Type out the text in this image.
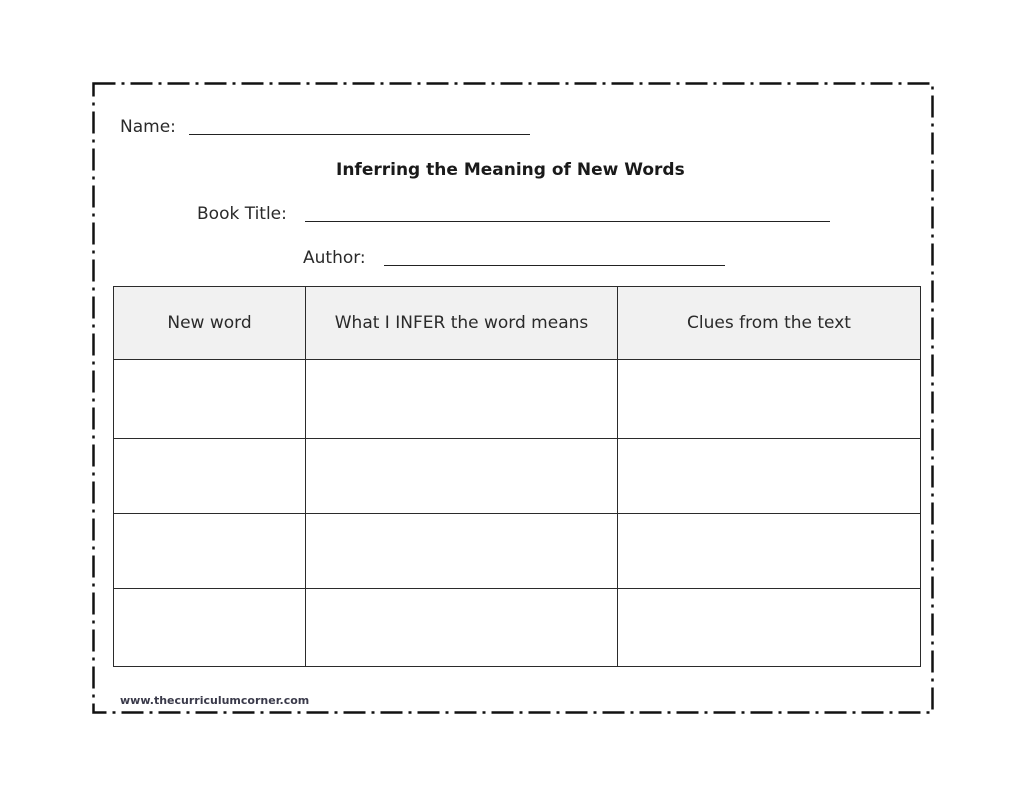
Name:
Inferring the Meaning of New Words
Book Title:
Author:
New word	What I INFER the word means	Clues from the text

www.thecurriculumcorner.com
